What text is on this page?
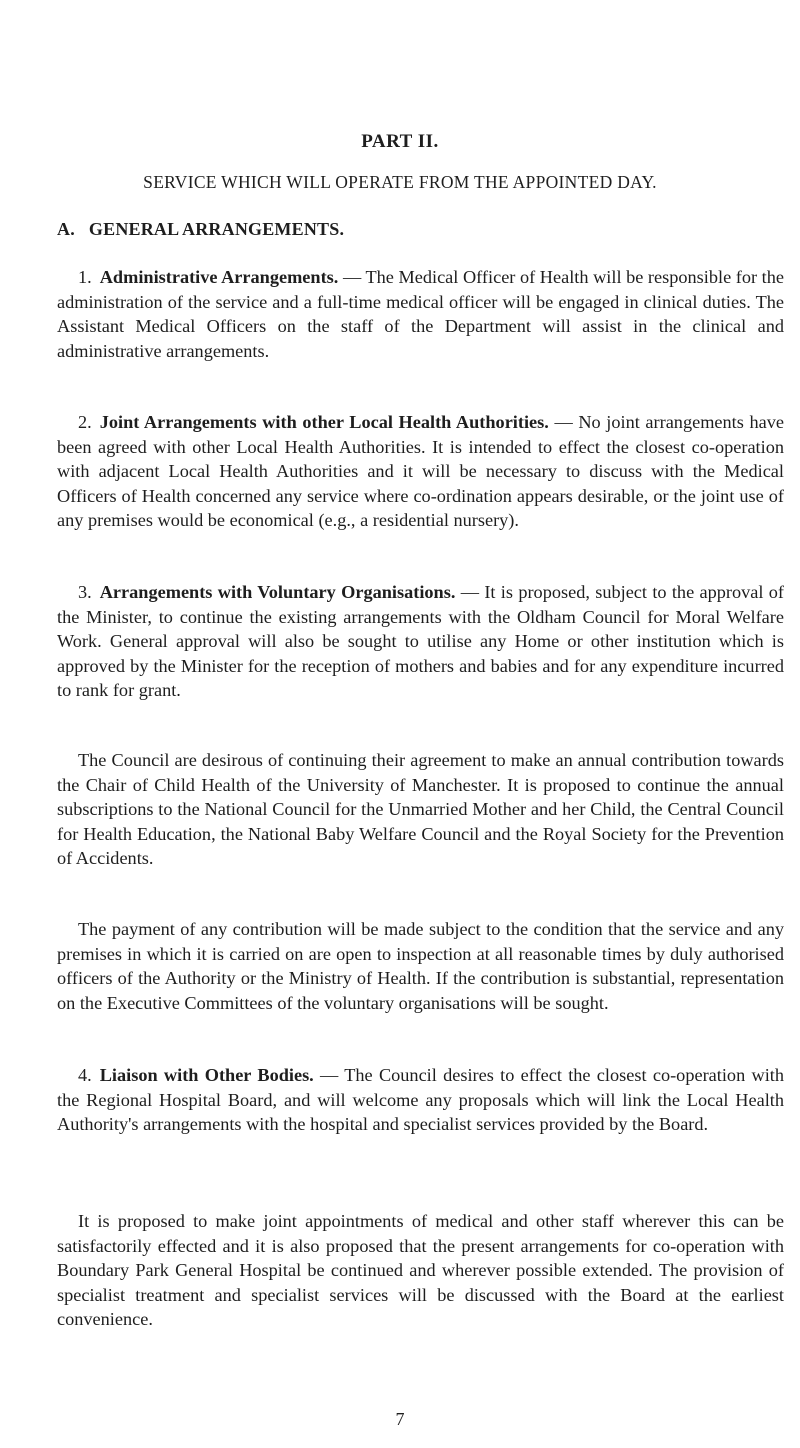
PART II.
SERVICE WHICH WILL OPERATE FROM THE APPOINTED DAY.
A. GENERAL ARRANGEMENTS.

1. Administrative Arrangements. — The Medical Officer of Health will be responsible for the administration of the service and a full-time medical officer will be engaged in clinical duties. The Assistant Medical Officers on the staff of the Department will assist in the clinical and administrative arrangements.

2. Joint Arrangements with other Local Health Authorities. — No joint arrangements have been agreed with other Local Health Authorities. It is intended to effect the closest co-operation with adjacent Local Health Authorities and it will be necessary to discuss with the Medical Officers of Health concerned any service where co-ordination appears desirable, or the joint use of any premises would be economical (e.g., a residential nursery).

3. Arrangements with Voluntary Organisations. — It is proposed, subject to the approval of the Minister, to continue the existing arrangements with the Oldham Council for Moral Welfare Work. General approval will also be sought to utilise any Home or other institution which is approved by the Minister for the reception of mothers and babies and for any expenditure incurred to rank for grant.

The Council are desirous of continuing their agreement to make an annual contribution towards the Chair of Child Health of the University of Manchester. It is proposed to continue the annual subscriptions to the National Council for the Unmarried Mother and her Child, the Central Council for Health Education, the National Baby Welfare Council and the Royal Society for the Prevention of Accidents.

The payment of any contribution will be made subject to the condition that the service and any premises in which it is carried on are open to inspection at all reasonable times by duly authorised officers of the Authority or the Ministry of Health. If the contribution is substantial, representation on the Executive Committees of the voluntary organisations will be sought.

4. Liaison with Other Bodies. — The Council desires to effect the closest co-operation with the Regional Hospital Board, and will welcome any proposals which will link the Local Health Authority's arrangements with the hospital and specialist services provided by the Board.

It is proposed to make joint appointments of medical and other staff wherever this can be satisfactorily effected and it is also proposed that the present arrangements for co-operation with Boundary Park General Hospital be continued and wherever possible extended. The provision of specialist treatment and specialist services will be discussed with the Board at the earliest convenience.

7
